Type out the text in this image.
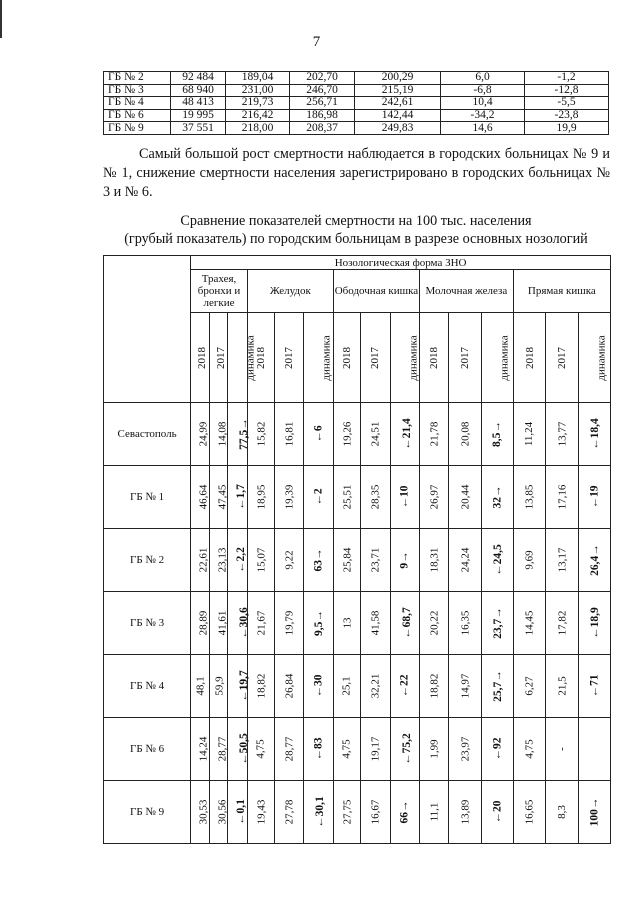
7
ГБ № 2	92 484	189,04	202,70	200,29	6,0	-1,2
ГБ № 3	68 940	231,00	246,70	215,19	-6,8	-12,8
ГБ № 4	48 413	219,73	256,71	242,61	10,4	-5,5
ГБ № 6	19 995	216,42	186,98	142,44	-34,2	-23,8
ГБ № 9	37 551	218,00	208,37	249,83	14,6	19,9
Самый большой рост смертности наблюдается в городских больницах № 9 и № 1, снижение смертности населения зарегистрировано в городских больницах № 3 и № 6.
Сравнение показателей смертности на 100 тыс. населения
(грубый показатель) по городским больницам в разрезе основных нозологий
	Нозологическая форма ЗНО														
	Трахея, бронхи и легкие			Желудок			Ободочная кишка			Молочная железа			Прямая кишка		
	2018	2017	динамика	2018	2017	динамика	2018	2017	динамика	2018	2017	динамика	2018	2017	динамика
Севастополь	24,99	14,08	77,5→	15,82	16,81	←6	19,26	24,51	←21,4	21,78	20,08	8,5→	11,24	13,77	←18,4
ГБ № 1	46,64	47,45	←1,7	18,95	19,39	←2	25,51	28,35	←10	26,97	20,44	32→	13,85	17,16	←19
ГБ № 2	22,61	23,13	←2,2	15,07	9,22	63→	25,84	23,71	9→	18,31	24,24	←24,5	9,69	13,17	26,4→
ГБ № 3	28,89	41,61	←30,6	21,67	19,79	9,5→	13	41,58	←68,7	20,22	16,35	23,7→	14,45	17,82	←18,9
ГБ № 4	48,1	59,9	←19,7	18,82	26,84	←30	25,1	32,21	←22	18,82	14,97	25,7→	6,27	21,5	←71
ГБ № 6	14,24	28,77	←50,5	4,75	28,77	←83	4,75	19,17	←75,2	1,99	23,97	←92	4,75	-	
ГБ № 9	30,53	30,56	←0,1	19,43	27,78	←30,1	27,75	16,67	66→	11,1	13,89	←20	16,65	8,3	100→
